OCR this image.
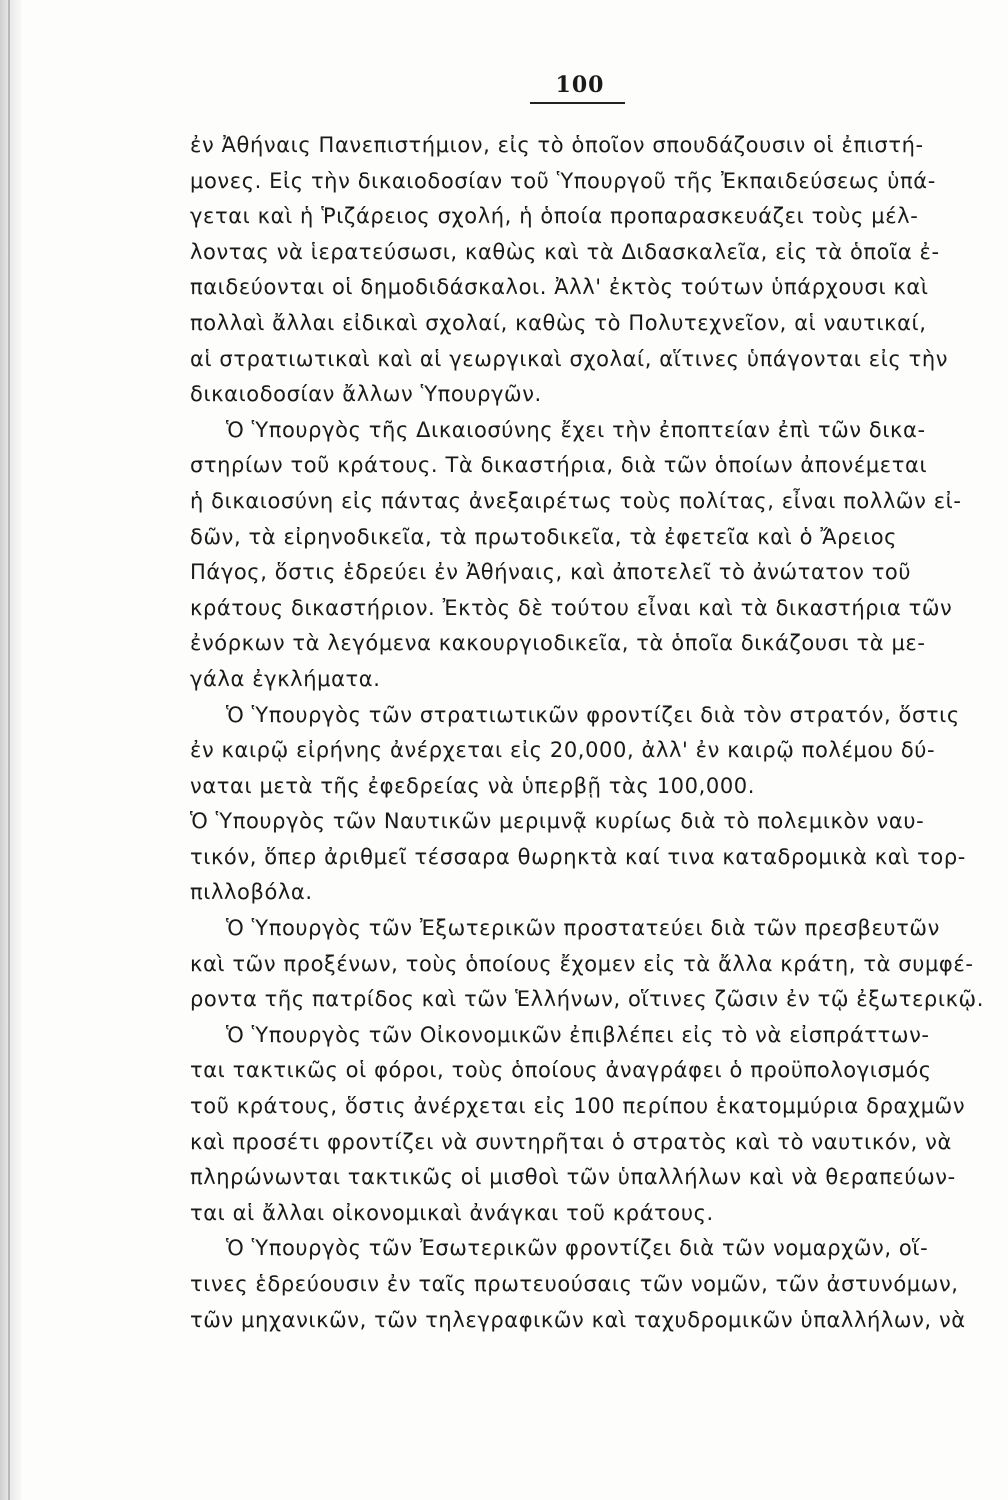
100
ἐν Ἀθήναις Πανεπιστήμιον, εἰς τὸ ὁποῖον σπουδάζουσιν οἱ ἐπιστή-
μονες. Εἰς τὴν δικαιοδοσίαν τοῦ Ὑπουργοῦ τῆς Ἐκπαιδεύσεως ὑπά-
γεται καὶ ἡ Ῥιζάρειος σχολή, ἡ ὁποία προπαρασκευάζει τοὺς μέλ-
λοντας νὰ ἱερατεύσωσι, καθὼς καὶ τὰ Διδασκαλεῖα, εἰς τὰ ὁποῖα ἐ-
παιδεύονται οἱ δημοδιδάσκαλοι. Ἀλλ' ἐκτὸς τούτων ὑπάρχουσι καὶ
πολλαὶ ἄλλαι εἰδικαὶ σχολαί, καθὼς τὸ Πολυτεχνεῖον, αἱ ναυτικαί,
αἱ στρατιωτικαὶ καὶ αἱ γεωργικαὶ σχολαί, αἵτινες ὑπάγονται εἰς τὴν
δικαιοδοσίαν ἄλλων Ὑπουργῶν.
Ὁ Ὑπουργὸς τῆς Δικαιοσύνης ἔχει τὴν ἐποπτείαν ἐπὶ τῶν δικα-
στηρίων τοῦ κράτους. Τὰ δικαστήρια, διὰ τῶν ὁποίων ἀπονέμεται
ἡ δικαιοσύνη εἰς πάντας ἀνεξαιρέτως τοὺς πολίτας, εἶναι πολλῶν εἰ-
δῶν, τὰ εἰρηνοδικεῖα, τὰ πρωτοδικεῖα, τὰ ἐφετεῖα καὶ ὁ Ἄρειος
Πάγος, ὅστις ἑδρεύει ἐν Ἀθήναις, καὶ ἀποτελεῖ τὸ ἀνώτατον τοῦ
κράτους δικαστήριον. Ἐκτὸς δὲ τούτου εἶναι καὶ τὰ δικαστήρια τῶν
ἐνόρκων τὰ λεγόμενα κακουργιοδικεῖα, τὰ ὁποῖα δικάζουσι τὰ με-
γάλα ἐγκλήματα.
Ὁ Ὑπουργὸς τῶν στρατιωτικῶν φροντίζει διὰ τὸν στρατόν, ὅστις
ἐν καιρῷ εἰρήνης ἀνέρχεται εἰς 20,000, ἀλλ' ἐν καιρῷ πολέμου δύ-
ναται μετὰ τῆς ἐφεδρείας νὰ ὑπερβῇ τὰς 100,000.
Ὁ Ὑπουργὸς τῶν Ναυτικῶν μεριμνᾷ κυρίως διὰ τὸ πολεμικὸν ναυ-
τικόν, ὅπερ ἀριθμεῖ τέσσαρα θωρηκτὰ καί τινα καταδρομικὰ καὶ τορ-
πιλλοβόλα.
Ὁ Ὑπουργὸς τῶν Ἐξωτερικῶν προστατεύει διὰ τῶν πρεσβευτῶν
καὶ τῶν προξένων, τοὺς ὁποίους ἔχομεν εἰς τὰ ἄλλα κράτη, τὰ συμφέ-
ροντα τῆς πατρίδος καὶ τῶν Ἑλλήνων, οἵτινες ζῶσιν ἐν τῷ ἐξωτερικῷ.
Ὁ Ὑπουργὸς τῶν Οἰκονομικῶν ἐπιβλέπει εἰς τὸ νὰ εἰσπράττων-
ται τακτικῶς οἱ φόροι, τοὺς ὁποίους ἀναγράφει ὁ προϋπολογισμός
τοῦ κράτους, ὅστις ἀνέρχεται εἰς 100 περίπου ἑκατομμύρια δραχμῶν
καὶ προσέτι φροντίζει νὰ συντηρῆται ὁ στρατὸς καὶ τὸ ναυτικόν, νὰ
πληρώνωνται τακτικῶς οἱ μισθοὶ τῶν ὑπαλλήλων καὶ νὰ θεραπεύων-
ται αἱ ἄλλαι οἰκονομικαὶ ἀνάγκαι τοῦ κράτους.
Ὁ Ὑπουργὸς τῶν Ἐσωτερικῶν φροντίζει διὰ τῶν νομαρχῶν, οἵ-
τινες ἑδρεύουσιν ἐν ταῖς πρωτευούσαις τῶν νομῶν, τῶν ἀστυνόμων,
τῶν μηχανικῶν, τῶν τηλεγραφικῶν καὶ ταχυδρομικῶν ὑπαλλήλων, νὰ
